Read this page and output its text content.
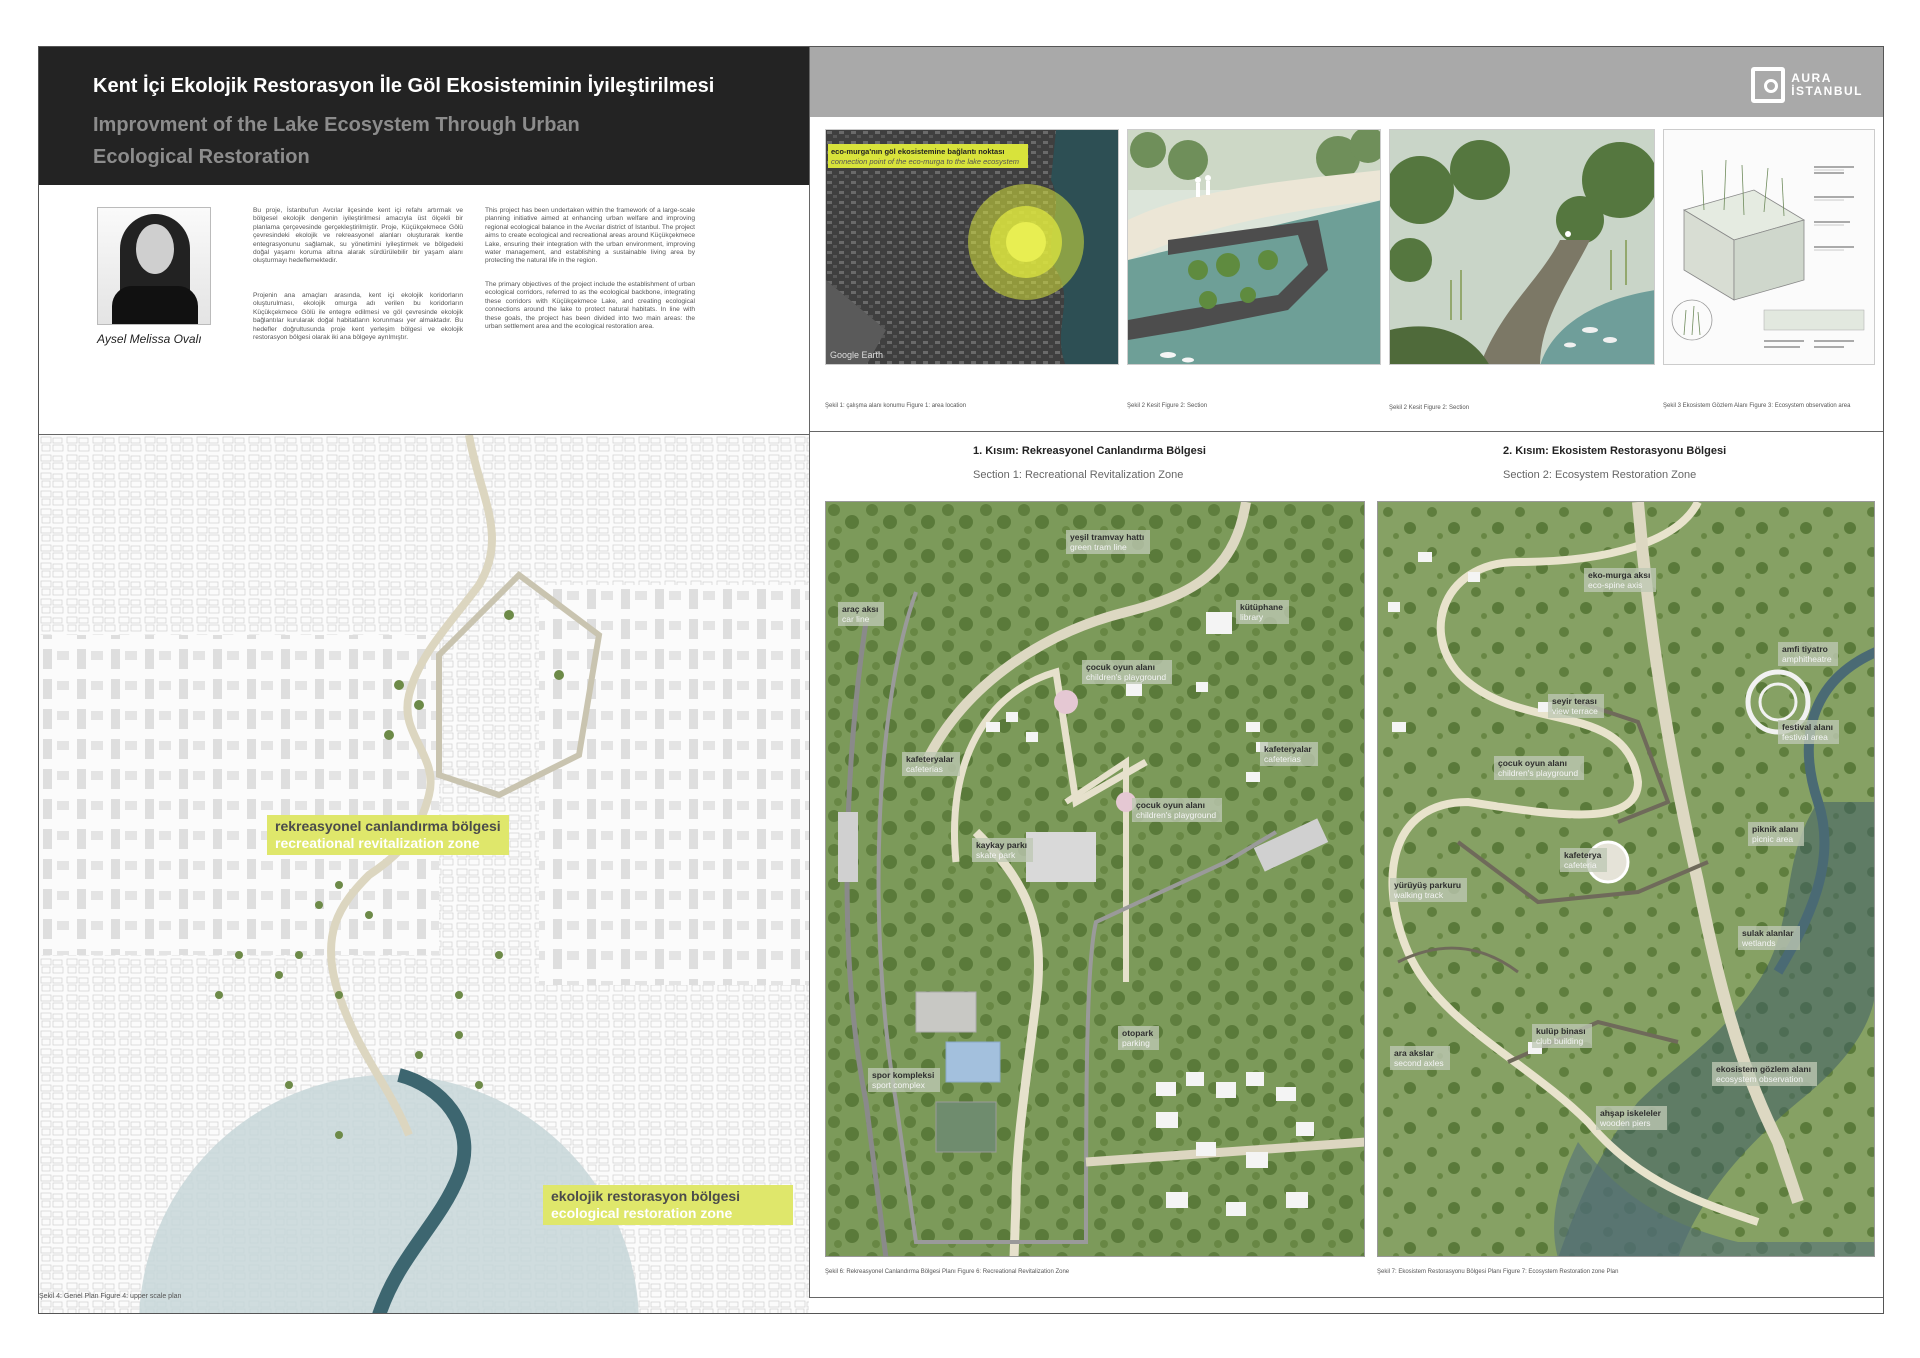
Kent İçi Ekolojik Restorasyon İle Göl Ekosisteminin İyileştirilmesi
Improvment of the Lake Ecosystem Through Urban Ecological Restoration
AURA
İSTANBUL
Aysel Melissa Ovalı

Bu proje, İstanbul'un Avcılar ilçesinde kent içi refahı artırmak ve bölgesel ekolojik dengenin iyileştirilmesi amacıyla üst ölçekli bir planlama çerçevesinde gerçekleştirilmiştir. Proje, Küçükçekmece Gölü çevresindeki ekolojik ve rekreasyonel alanları oluşturarak kentle entegrasyonunu sağlamak, su yönetimini iyileştirmek ve bölgedeki doğal yaşamı koruma altına alarak sürdürülebilir bir yaşam alanı oluşturmayı hedeflemektedir.

Projenin ana amaçları arasında, kent içi ekolojik koridorların oluşturulması, ekolojik omurga adı verilen bu koridorların Küçükçekmece Gölü ile entegre edilmesi ve göl çevresinde ekolojik bağlantılar kurularak doğal habitatların korunması yer almaktadır. Bu hedefler doğrultusunda proje kent yerleşim bölgesi ve ekolojik restorasyon bölgesi olarak iki ana bölgeye ayrılmıştır.

This project has been undertaken within the framework of a large-scale planning initiative aimed at enhancing urban welfare and improving regional ecological balance in the Avcılar district of Istanbul. The project aims to create ecological and recreational areas around Küçükçekmece Lake, ensuring their integration with the urban environment, improving water management, and establishing a sustainable living area by protecting the natural life in the region.

The primary objectives of the project include the establishment of urban ecological corridors, referred to as the ecological backbone, integrating these corridors with Küçükçekmece Lake, and creating ecological connections around the lake to protect natural habitats. In line with these goals, the project has been divided into two main areas: the urban settlement area and the ecological restoration area.

eco-murga'nın göl ekosistemine bağlantı noktası
connection point of the eco-murga to the lake ecosystem
Google Earth
Şekil 1: çalışma alanı konumu Figure 1: area location	Şekil 2 Kesit Figure 2: Section	Şekil 2 Kesit Figure 2: Section	Şekil 3 Ekosistem Gözlem Alanı Figure 3: Ecosystem observation area
rekreasyonel canlandırma bölgesi
recreational revitalization zone
ekolojik restorasyon bölgesi
ecological restoration zone
Şekil 4: Genel Plan Figure 4: upper scale plan
1. Kısım: Rekreasyonel Canlandırma Bölgesi
Section 1: Recreational Revitalization Zone
2. Kısım: Ekosistem Restorasyonu Bölgesi
Section 2: Ecosystem Restoration Zone
yeşil tramvay hattı
green tram line
araç aksı
car line
kütüphane
library
çocuk oyun alanı
children's playground
kafeteryalar
cafeterias
kafeteryalar
cafeterias
çocuk oyun alanı
children's playground
kaykay parkı
skate park
otopark
parking
spor kompleksi
sport complex
Şekil 6: Rekreasyonel Canlandırma Bölgesi Planı Figure 6: Recreational Revitalization Zone
eko-murga aksı
eco-spine axis
amfi tiyatro
amphitheatre
seyir terası
view terrace
festival alanı
festival area
çocuk oyun alanı
children's playground
piknik alanı
picnic area
kafeterya
cafeteria
yürüyüş parkuru
walking track
sulak alanlar
wetlands
kulüp binası
club building
ara akslar
second axles
ekosistem gözlem alanı
ecosystem observation
ahşap iskeleler
wooden piers
Şekil 7: Ekosistem Restorasyonu Bölgesi Planı Figure 7: Ecosystem Restoration zone Plan
